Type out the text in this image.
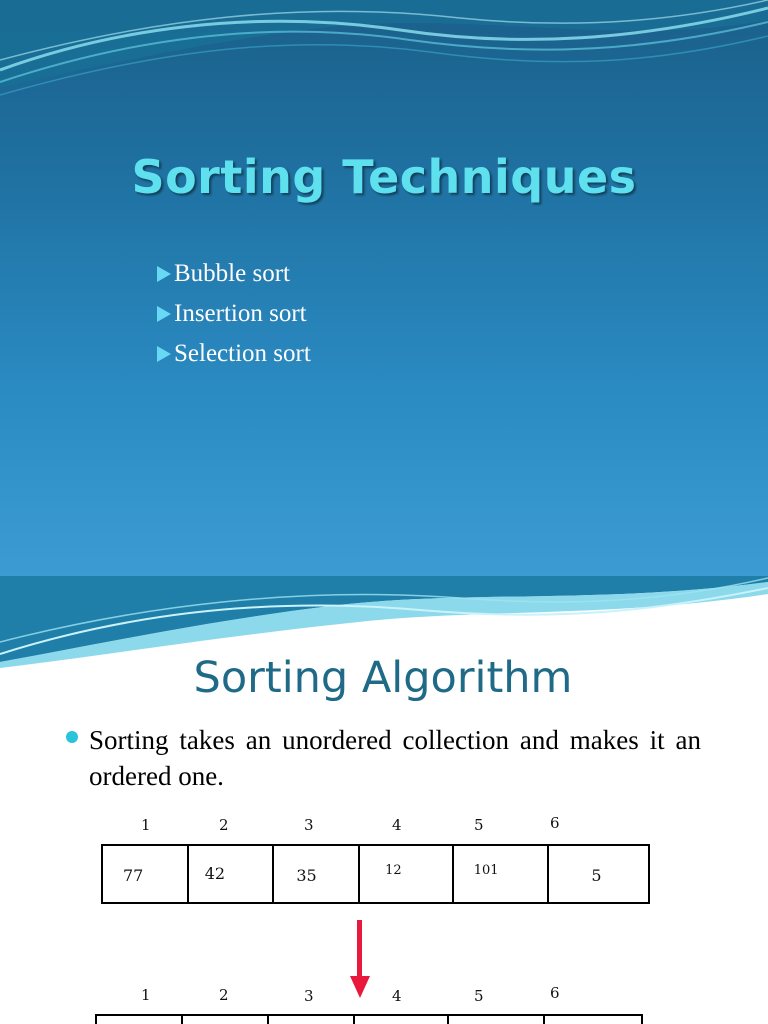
Sorting Techniques
Bubble sort
Insertion sort
Selection sort
Sorting Algorithm
Sorting takes an unordered collection and makes it an ordered one.
1	2	3	4	5	6
77	42	35	12	101	5
1	2	3	4	5	6
